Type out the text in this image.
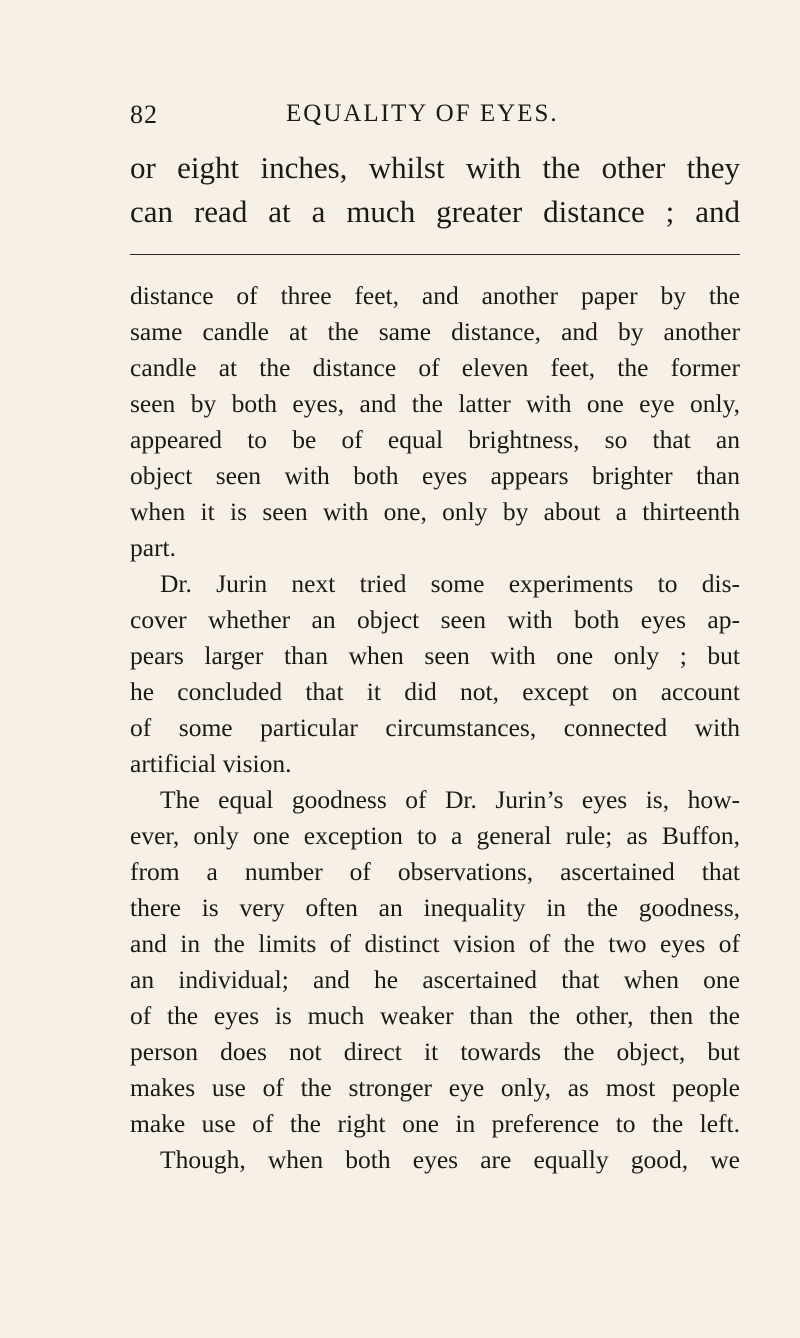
82	EQUALITY OF EYES.

or eight inches, whilst with the other they
can read at a much greater distance ; and

distance of three feet, and another paper by the
same candle at the same distance, and by another
candle at the distance of eleven feet, the former
seen by both eyes, and the latter with one eye only,
appeared to be of equal brightness, so that an
object seen with both eyes appears brighter than
when it is seen with one, only by about a thirteenth
part.
Dr. Jurin next tried some experiments to dis-
cover whether an object seen with both eyes ap-
pears larger than when seen with one only ; but
he concluded that it did not, except on account
of some particular circumstances, connected with
artificial vision.
The equal goodness of Dr. Jurin’s eyes is, how-
ever, only one exception to a general rule; as Buffon,
from a number of observations, ascertained that
there is very often an inequality in the goodness,
and in the limits of distinct vision of the two eyes of
an individual; and he ascertained that when one
of the eyes is much weaker than the other, then the
person does not direct it towards the object, but
makes use of the stronger eye only, as most people
make use of the right one in preference to the left.
Though, when both eyes are equally good, we
